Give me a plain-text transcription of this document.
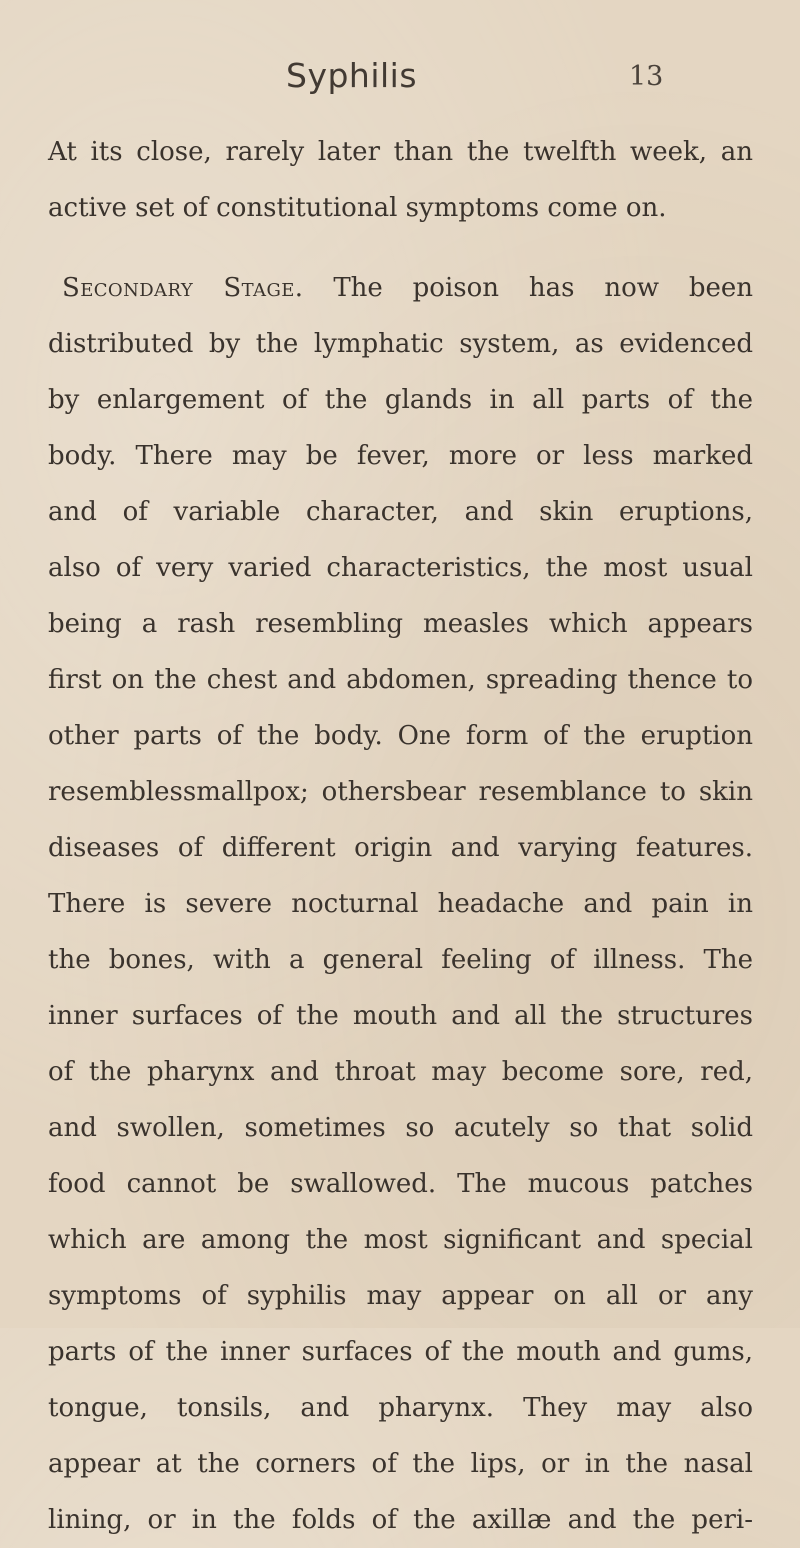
Syphilis	13
At its close, rarely later than the twelfth week, an
active set of constitutional symptoms come on.
Secondary Stage. The poison has now been
distributed by the lymphatic system, as evidenced
by enlargement of the glands in all parts of the
body. There may be fever, more or less marked
and of variable character, and skin eruptions,
also of very varied characteristics, the most usual
being a rash resembling measles which appears
first on the chest and abdomen, spreading thence to
other parts of the body. One form of the eruption
resemblessmallpox; othersbear resemblance to skin
diseases of different origin and varying features.
There is severe nocturnal headache and pain in
the bones, with a general feeling of illness. The
inner surfaces of the mouth and all the structures
of the pharynx and throat may become sore, red,
and swollen, sometimes so acutely so that solid
food cannot be swallowed. The mucous patches
which are among the most significant and special
symptoms of syphilis may appear on all or any
parts of the inner surfaces of the mouth and gums,
tongue, tonsils, and pharynx. They may also
appear at the corners of the lips, or in the nasal
lining, or in the folds of the axillæ and the peri-
